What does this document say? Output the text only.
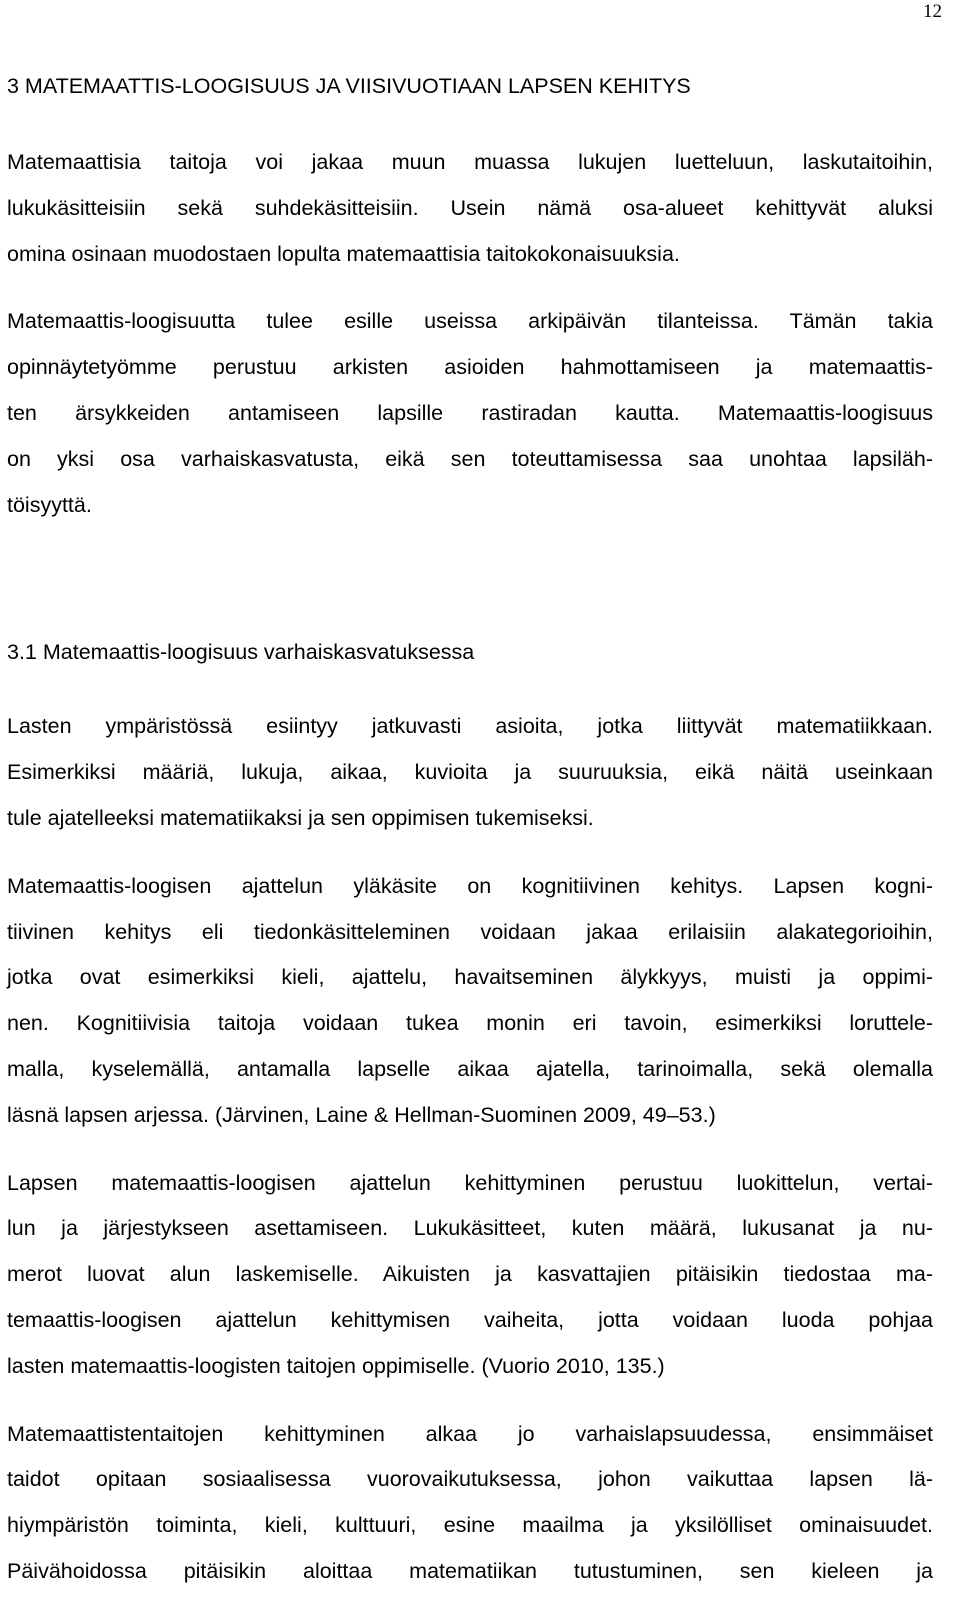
12
3 MATEMAATTIS-LOOGISUUS JA VIISIVUOTIAAN LAPSEN KEHITYS
Matemaattisia taitoja voi jakaa muun muassa lukujen luetteluun, laskutaitoihin,
lukukäsitteisiin sekä suhdekäsitteisiin. Usein nämä osa-alueet kehittyvät aluksi
omina osinaan muodostaen lopulta matemaattisia taitokokonaisuuksia.
Matemaattis-loogisuutta tulee esille useissa arkipäivän tilanteissa. Tämän takia
opinnäytetyömme perustuu arkisten asioiden hahmottamiseen ja matemaattis-
ten ärsykkeiden antamiseen lapsille rastiradan kautta. Matemaattis-loogisuus
on yksi osa varhaiskasvatusta, eikä sen toteuttamisessa saa unohtaa lapsiläh-
töisyyttä.
3.1 Matemaattis-loogisuus varhaiskasvatuksessa
Lasten ympäristössä esiintyy jatkuvasti asioita, jotka liittyvät matematiikkaan.
Esimerkiksi määriä, lukuja, aikaa, kuvioita ja suuruuksia, eikä näitä useinkaan
tule ajatelleeksi matematiikaksi ja sen oppimisen tukemiseksi.
Matemaattis-loogisen ajattelun yläkäsite on kognitiivinen kehitys. Lapsen kogni-
tiivinen kehitys eli tiedonkäsitteleminen voidaan jakaa erilaisiin alakategorioihin,
jotka ovat esimerkiksi kieli, ajattelu, havaitseminen älykkyys, muisti ja oppimi-
nen. Kognitiivisia taitoja voidaan tukea monin eri tavoin, esimerkiksi loruttele-
malla, kyselemällä, antamalla lapselle aikaa ajatella, tarinoimalla, sekä olemalla
läsnä lapsen arjessa. (Järvinen, Laine & Hellman-Suominen 2009, 49–53.)
Lapsen matemaattis-loogisen ajattelun kehittyminen perustuu luokittelun, vertai-
lun ja järjestykseen asettamiseen. Lukukäsitteet, kuten määrä, lukusanat ja nu-
merot luovat alun laskemiselle. Aikuisten ja kasvattajien pitäisikin tiedostaa ma-
temaattis-loogisen ajattelun kehittymisen vaiheita, jotta voidaan luoda pohjaa
lasten matemaattis-loogisten taitojen oppimiselle. (Vuorio 2010, 135.)
Matemaattistentaitojen kehittyminen alkaa jo varhaislapsuudessa, ensimmäiset
taidot opitaan sosiaalisessa vuorovaikutuksessa, johon vaikuttaa lapsen lä-
hiympäristön toiminta, kieli, kulttuuri, esine maailma ja yksilölliset ominaisuudet.
Päivähoidossa pitäisikin aloittaa matematiikan tutustuminen, sen kieleen ja
